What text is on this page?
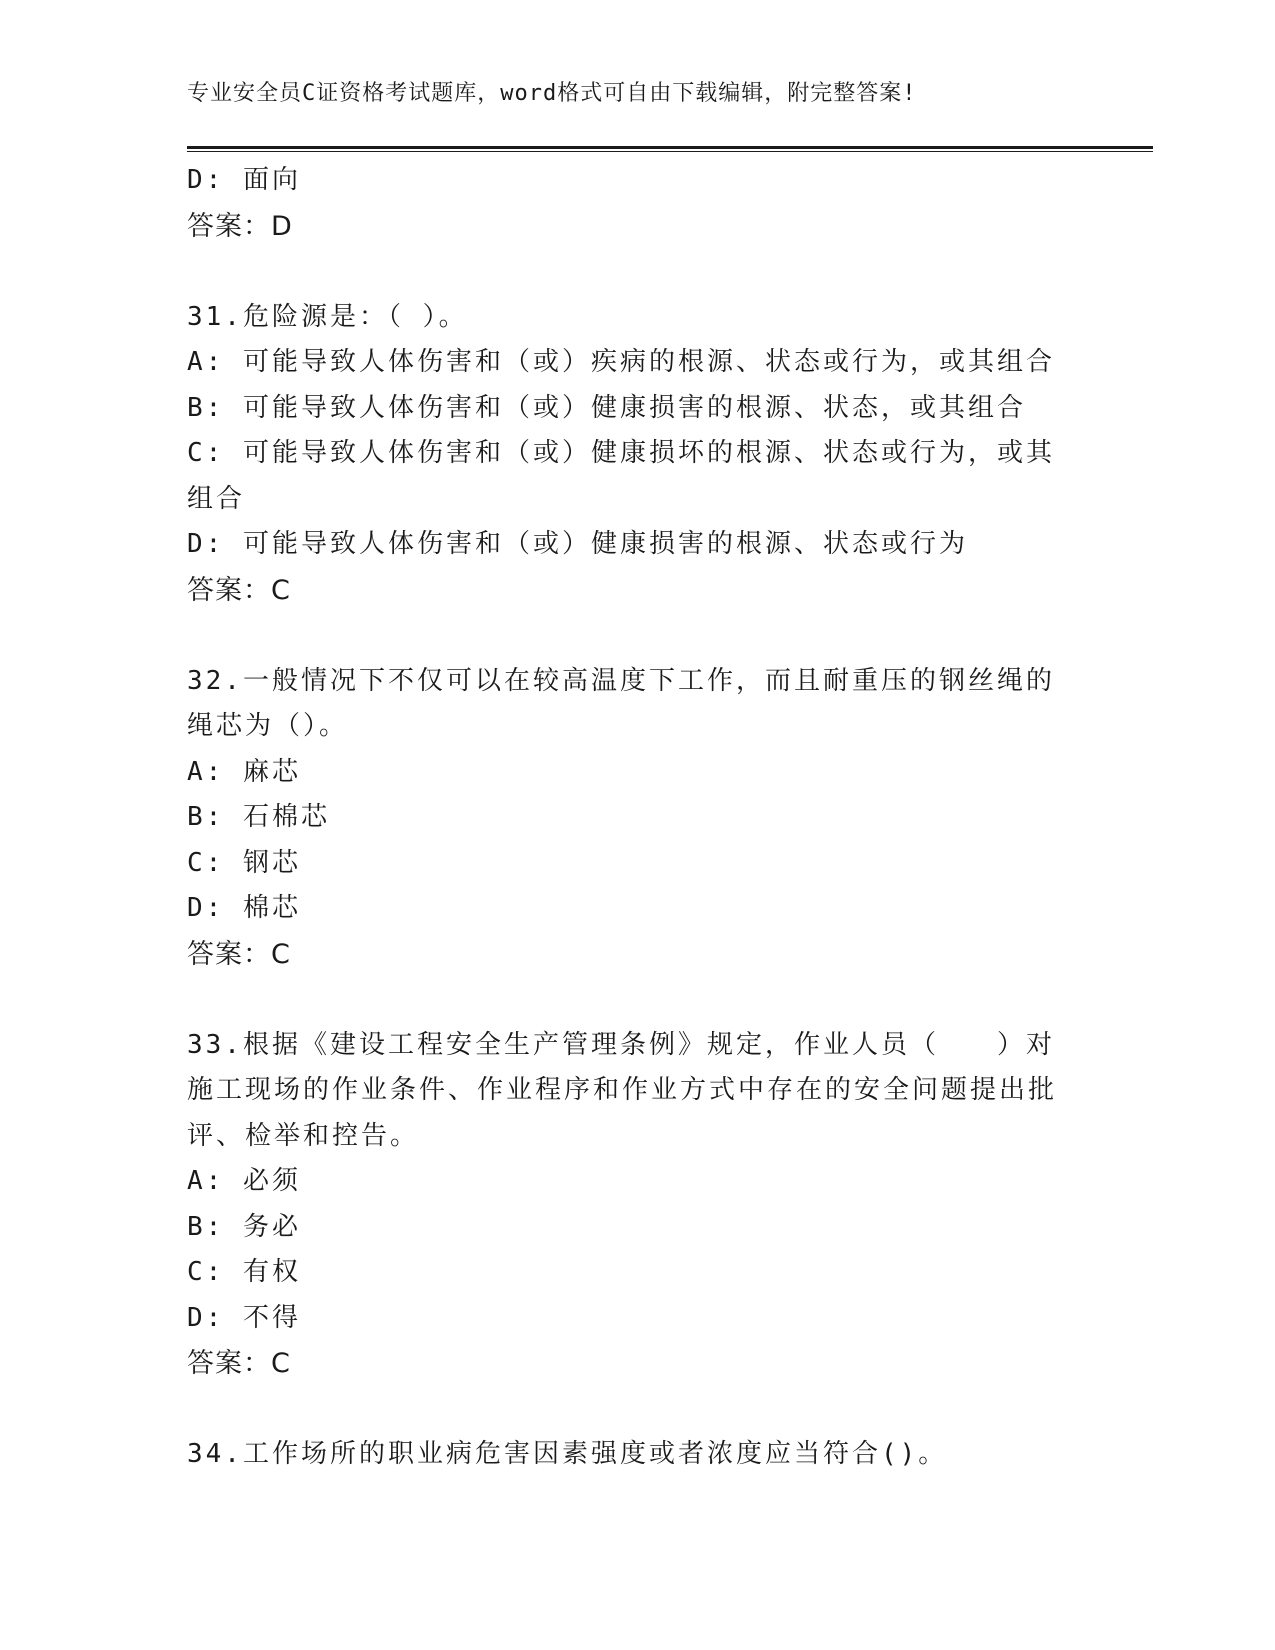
专业安全员C证资格考试题库，word格式可自由下载编辑，附完整答案!
D: 面向
答案：D
31.危险源是：（ ）。
A: 可能导致人体伤害和（或）疾病的根源、状态或行为，或其组合
B: 可能导致人体伤害和（或）健康损害的根源、状态，或其组合
C: 可能导致人体伤害和（或）健康损坏的根源、状态或行为，或其组合
D: 可能导致人体伤害和（或）健康损害的根源、状态或行为
答案：C
32.一般情况下不仅可以在较高温度下工作，而且耐重压的钢丝绳的绳芯为（）。
A: 麻芯
B: 石棉芯
C: 钢芯
D: 棉芯
答案：C
33.根据《建设工程安全生产管理条例》规定，作业人员（　　）对施工现场的作业条件、作业程序和作业方式中存在的安全问题提出批评、检举和控告。
A: 必须
B: 务必
C: 有权
D: 不得
答案：C
34.工作场所的职业病危害因素强度或者浓度应当符合()。
